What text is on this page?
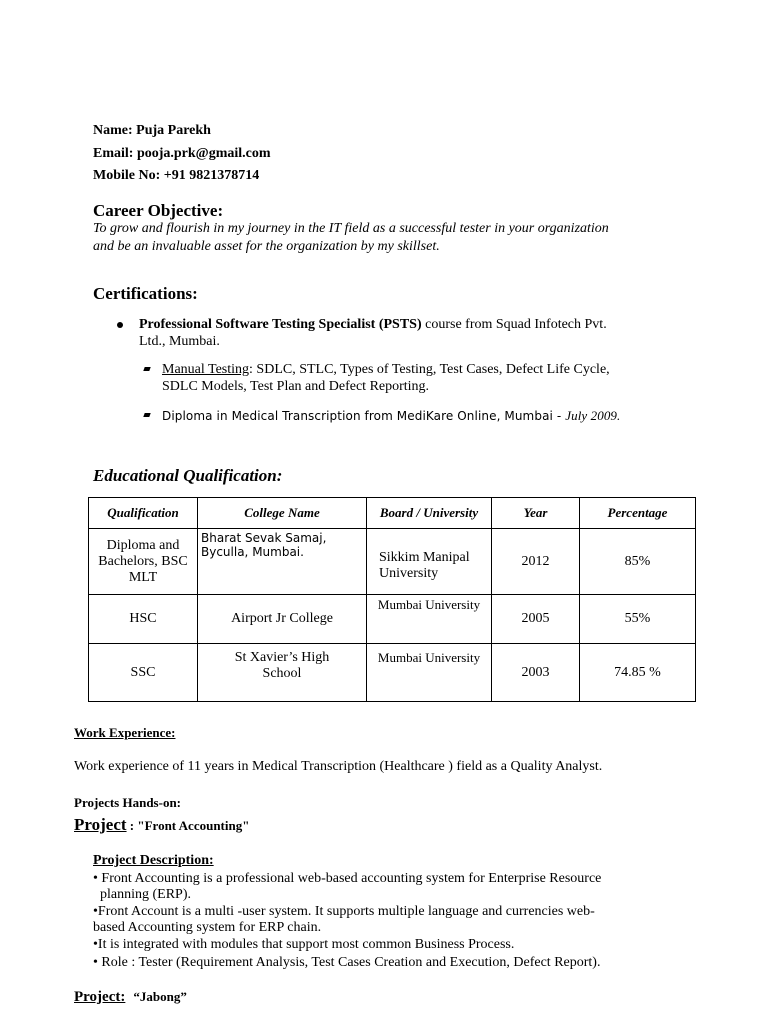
Name: Puja Parekh
Email: pooja.prk@gmail.com
Mobile No: +91 9821378714
Career Objective:
To grow and flourish in my journey in the IT field as a successful tester in your organization
and be an invaluable asset for the organization by my skillset.
Certifications:
Professional Software Testing Specialist (PSTS) course from Squad Infotech Pvt.
Ltd., Mumbai.
Manual Testing: SDLC, STLC, Types of Testing, Test Cases, Defect Life Cycle,
SDLC Models, Test Plan and Defect Reporting.
Diploma in Medical Transcription from MediKare Online, Mumbai - July 2009.
Educational Qualification:
Qualification	College Name	Board / University	Year	Percentage
Diploma and Bachelors, BSC MLT	Bharat Sevak Samaj, Byculla, Mumbai.	Sikkim Manipal University	2012	85%
HSC	Airport Jr College	Mumbai University	2005	55%
SSC	St Xavier’s High School	Mumbai University	2003	74.85 %
Work Experience:
Work experience of 11 years in Medical Transcription (Healthcare ) field as a Quality Analyst.
Projects Hands-on:
Project : "Front Accounting"
Project Description:
• Front Accounting is a professional web-based accounting system for Enterprise Resource
planning (ERP).
•Front Account is a multi -user system. It supports multiple language and currencies web-
based Accounting system for ERP chain.
•It is integrated with modules that support most common Business Process.
• Role : Tester (Requirement Analysis, Test Cases Creation and Execution, Defect Report).
Project: “Jabong”
